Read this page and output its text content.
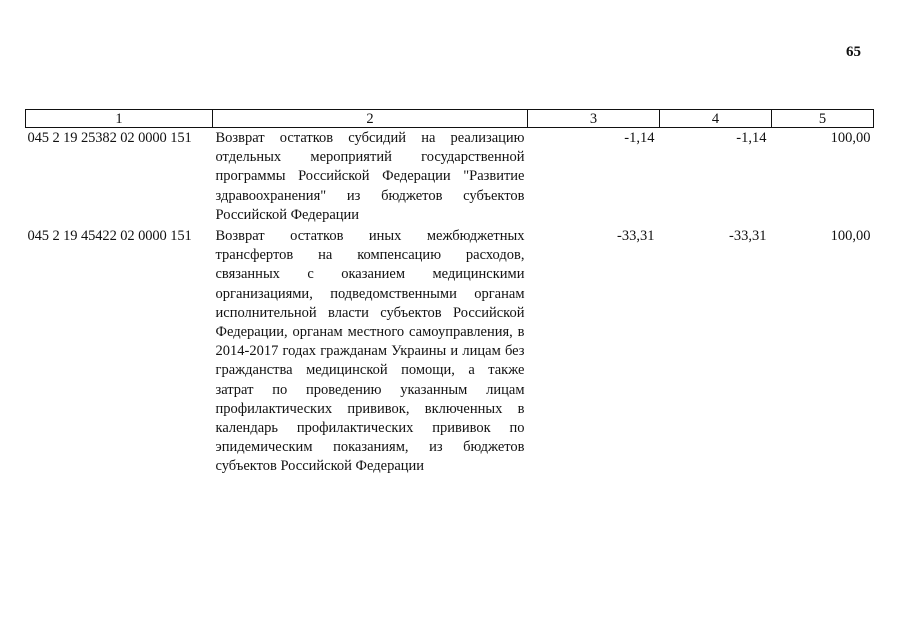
65
1	2	3	4	5
045 2 19 25382 02 0000 151	Возврат остатков субсидий на реализацию отдельных мероприятий государственной программы Российской Федерации "Развитие здравоохранения" из бюджетов субъектов Российской Федерации	-1,14	-1,14	100,00
045 2 19 45422 02 0000 151	Возврат остатков иных межбюджетных трансфертов на компенсацию расходов, связанных с оказанием медицинскими организациями, подведомственными органам исполнительной власти субъектов Российской Федерации, органам местного самоуправления, в 2014-2017 годах гражданам Украины и лицам без гражданства медицинской помощи, а также затрат по проведению указанным лицам профилактических прививок, включенных в календарь профилактических прививок по эпидемическим показаниям, из бюджетов субъектов Российской Федерации	-33,31	-33,31	100,00
